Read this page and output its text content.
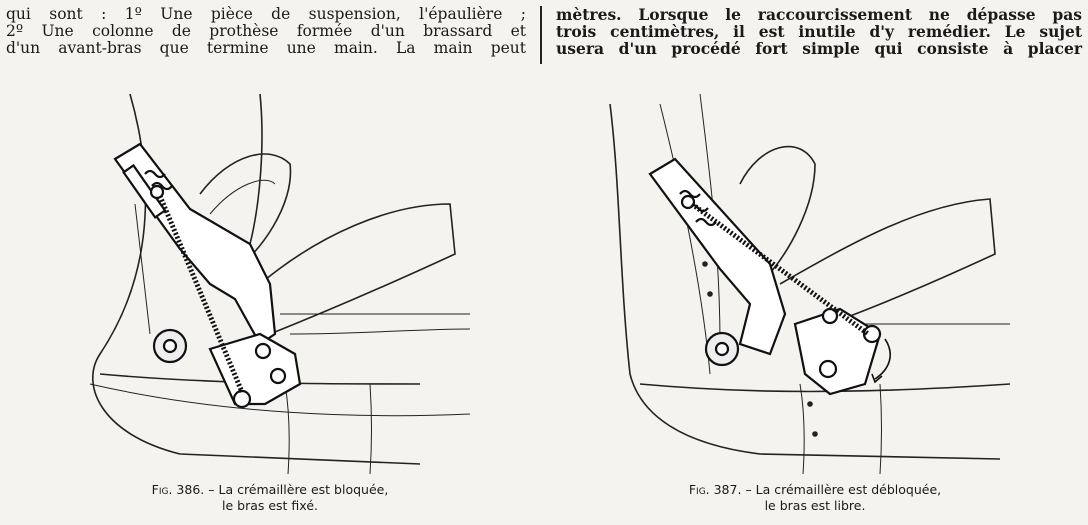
qui sont : 1º Une pièce de suspension, l'épaulière ;
2º Une colonne de prothèse formée d'un brassard et
d'un avant-bras que termine une main. La main peut
mètres. Lorsque le raccourcissement ne dépasse pas
trois centimètres, il est inutile d'y remédier. Le sujet
usera d'un procédé fort simple qui consiste à placer
Fig. 386. – La crémaillère est bloquée,
le bras est fixé.
Fig. 387. – La crémaillère est débloquée,
le bras est libre.
